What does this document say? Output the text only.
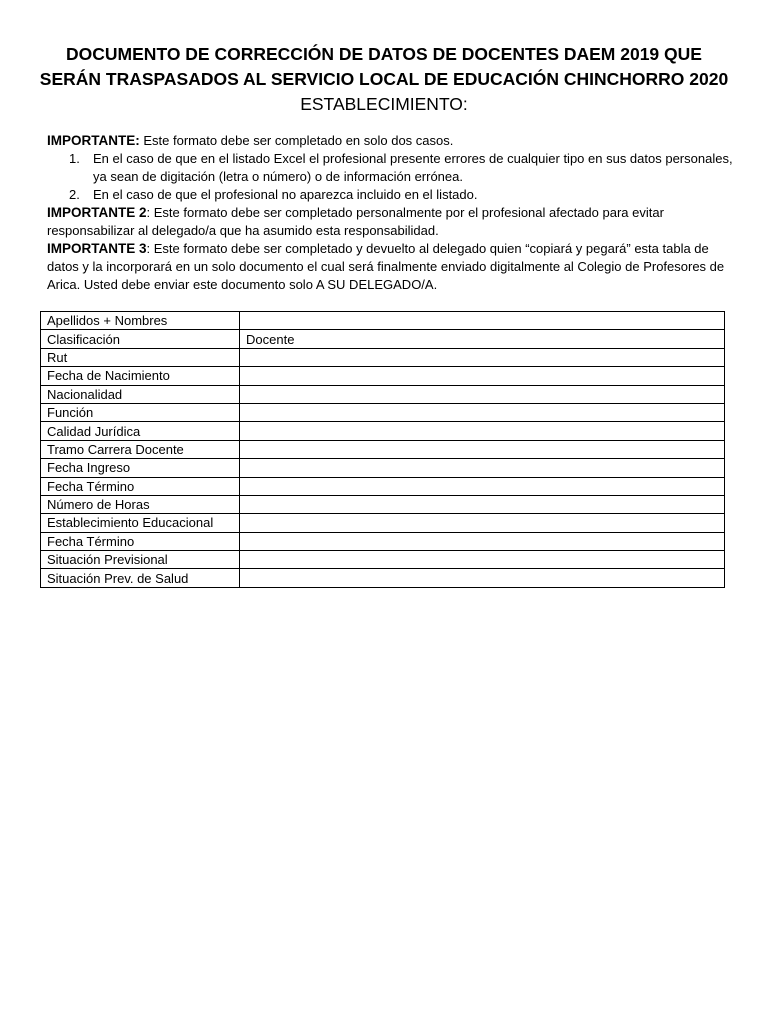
DOCUMENTO DE CORRECCIÓN DE DATOS DE DOCENTES DAEM 2019 QUE
SERÁN TRASPASADOS AL SERVICIO LOCAL DE EDUCACIÓN CHINCHORRO 2020
ESTABLECIMIENTO:

IMPORTANTE: Este formato debe ser completado en solo dos casos.

1. En el caso de que en el listado Excel el profesional presente errores de cualquier tipo en sus datos personales, ya sean de digitación (letra o número) o de información errónea.
2. En el caso de que el profesional no aparezca incluido en el listado.

IMPORTANTE 2: Este formato debe ser completado personalmente por el profesional afectado para evitar responsabilizar al delegado/a que ha asumido esta responsabilidad.

IMPORTANTE 3: Este formato debe ser completado y devuelto al delegado quien “copiará y pegará” esta tabla de datos y la incorporará en un solo documento el cual será finalmente enviado digitalmente al Colegio de Profesores de Arica. Usted debe enviar este documento solo A SU DELEGADO/A.

Apellidos + Nombres	
Clasificación	Docente
Rut	
Fecha de Nacimiento	
Nacionalidad	
Función	
Calidad Jurídica	
Tramo Carrera Docente	
Fecha Ingreso	
Fecha Término	
Número de Horas	
Establecimiento Educacional	
Fecha Término	
Situación Previsional	
Situación Prev. de Salud	
